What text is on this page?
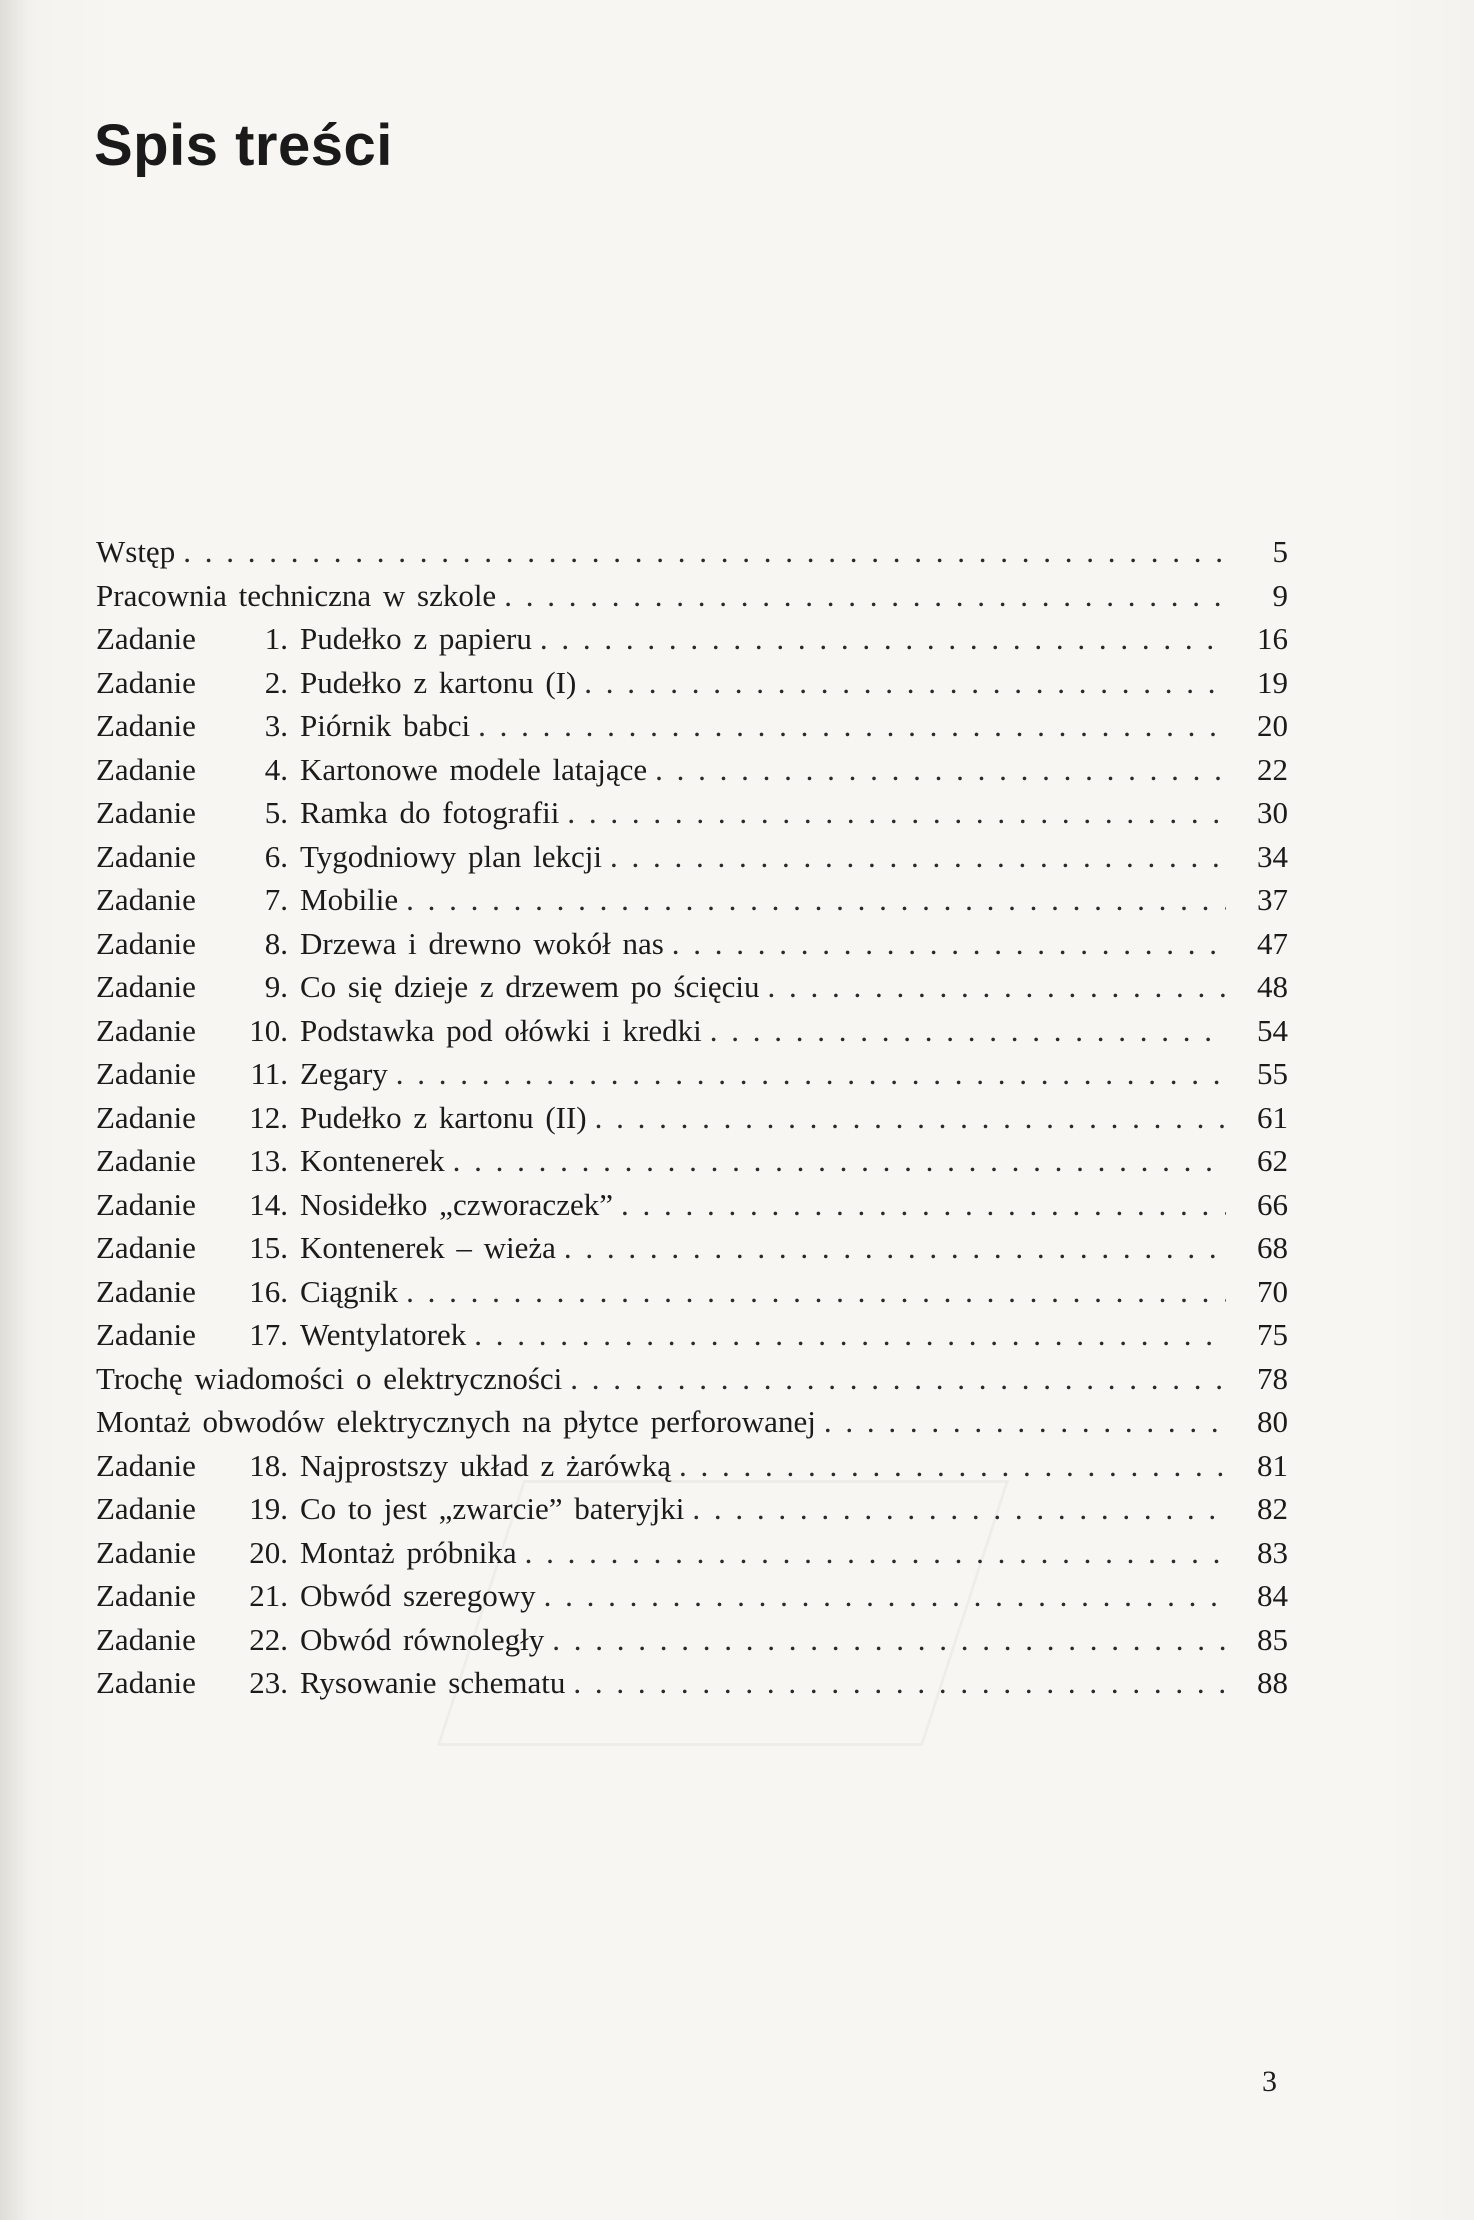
Spis treści
Wstęp . . .	5
Pracownia techniczna w szkole . . .	9
Zadanie	1. Pudełko z papieru . . .	16
Zadanie	2. Pudełko z kartonu (I) . . .	19
Zadanie	3. Piórnik babci . . .	20
Zadanie	4. Kartonowe modele latające . . .	22
Zadanie	5. Ramka do fotografii . . .	30
Zadanie	6. Tygodniowy plan lekcji . . .	34
Zadanie	7. Mobilie . . .	37
Zadanie	8. Drzewa i drewno wokół nas . . .	47
Zadanie	9. Co się dzieje z drzewem po ścięciu . . .	48
Zadanie	10. Podstawka pod ołówki i kredki . . .	54
Zadanie	11. Zegary . . .	55
Zadanie	12. Pudełko z kartonu (II) . . .	61
Zadanie	13. Kontenerek . . .	62
Zadanie	14. Nosidełko „czworaczek” . . .	66
Zadanie	15. Kontenerek – wieża . . .	68
Zadanie	16. Ciągnik . . .	70
Zadanie	17. Wentylatorek . . .	75
Trochę wiadomości o elektryczności . . .	78
Montaż obwodów elektrycznych na płytce perforowanej . . .	80
Zadanie	18. Najprostszy układ z żarówką . . .	81
Zadanie	19. Co to jest „zwarcie” bateryjki . . .	82
Zadanie	20. Montaż próbnika . . .	83
Zadanie	21. Obwód szeregowy . . .	84
Zadanie	22. Obwód równoległy . . .	85
Zadanie	23. Rysowanie schematu . . .	88
3
